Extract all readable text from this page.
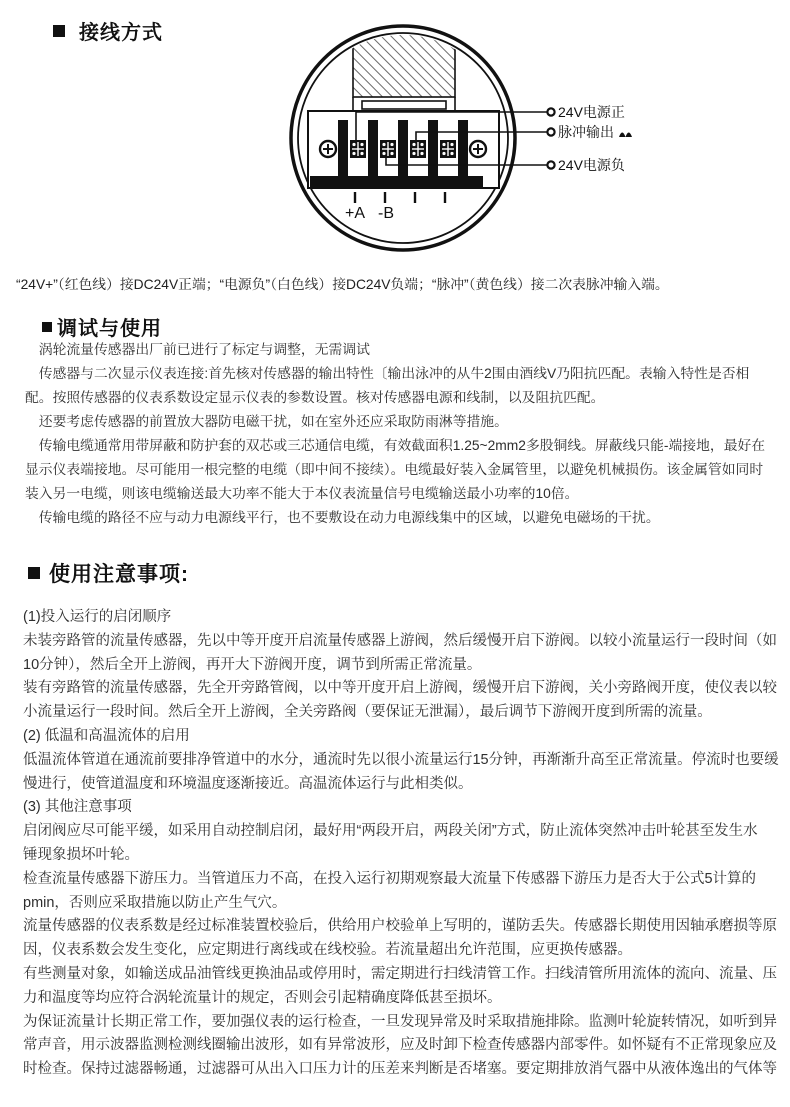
接线方式
+A -B
24V电源正
脉冲输出
24V电源负
“24V+”（红色线）接DC24V正端；“电源负”（白色线）接DC24V负端；“脉冲”（黄色线）接二次表脉冲输入端。
调试与使用
　涡轮流量传感器出厂前已进行了标定与调整，无需调试
　传感器与二次显示仪表连接:首先核对传感器的输出特性〔输出泳冲的从牛2围由酒线V乃阳抗匹配。表输入特性是否相
配。按照传感器的仪表系数设定显示仪表的参数设置。核对传感器电源和线制，以及阻抗匹配。
　还要考虑传感器的前置放大器防电磁干扰，如在室外还应采取防雨淋等措施。
　传输电缆通常用带屏蔽和防护套的双芯或三芯通信电缆，有效截面积1.25~2mm2多股铜线。屏蔽线只能-端接地，最好在
显示仪表端接地。尽可能用一根完整的电缆（即中间不接续）。电缆最好装入金属管里，以避免机械损伤。该金属管如同时
装入另一电缆，则该电缆输送最大功率不能大于本仪表流量信号电缆输送最小功率的10倍。
　传输电缆的路径不应与动力电源线平行，也不要敷设在动力电源线集中的区域，以避免电磁场的干扰。
使用注意事项:
(1)投入运行的启闭顺序
未装旁路管的流量传感器，先以中等开度开启流量传感器上游阀，然后缓慢开启下游阀。以较小流量运行一段时间（如
10分钟），然后全开上游阀，再开大下游阀开度，调节到所需正常流量。
装有旁路管的流量传感器，先全开旁路管阀，以中等开度开启上游阀，缓慢开启下游阀，关小旁路阀开度，使仪表以较
小流量运行一段时间。然后全开上游阀，全关旁路阀（要保证无泄漏），最后调节下游阀开度到所需的流量。
(2) 低温和高温流体的启用
低温流体管道在通流前要排净管道中的水分，通流时先以很小流量运行15分钟，再渐渐升高至正常流量。停流时也要缓
慢进行，使管道温度和环境温度逐渐接近。高温流体运行与此相类似。
(3) 其他注意事项
启闭阀应尽可能平缓，如采用自动控制启闭，最好用“两段开启，两段关闭”方式，防止流体突然冲击叶轮甚至发生水
锤现象损坏叶轮。
检查流量传感器下游压力。当管道压力不高，在投入运行初期观察最大流量下传感器下游压力是否大于公式5计算的
pmin，否则应采取措施以防止产生气穴。
流量传感器的仪表系数是经过标准装置校验后，供给用户校验单上写明的，谨防丢失。传感器长期使用因轴承磨损等原
因，仪表系数会发生变化，应定期进行离线或在线校验。若流量超出允许范围，应更换传感器。
有些测量对象，如输送成品油管线更换油品或停用时，需定期进行扫线清管工作。扫线清管所用流体的流向、流量、压
力和温度等均应符合涡轮流量计的规定，否则会引起精确度降低甚至损坏。
为保证流量计长期正常工作，要加强仪表的运行检查，一旦发现异常及时采取措施排除。监测叶轮旋转情况，如听到异
常声音，用示波器监测检测线圈输出波形，如有异常波形，应及时卸下检查传感器内部零件。如怀疑有不正常现象应及
时检查。保持过滤器畅通，过滤器可从出入口压力计的压差来判断是否堵塞。要定期排放消气器中从液体逸出的气体等
